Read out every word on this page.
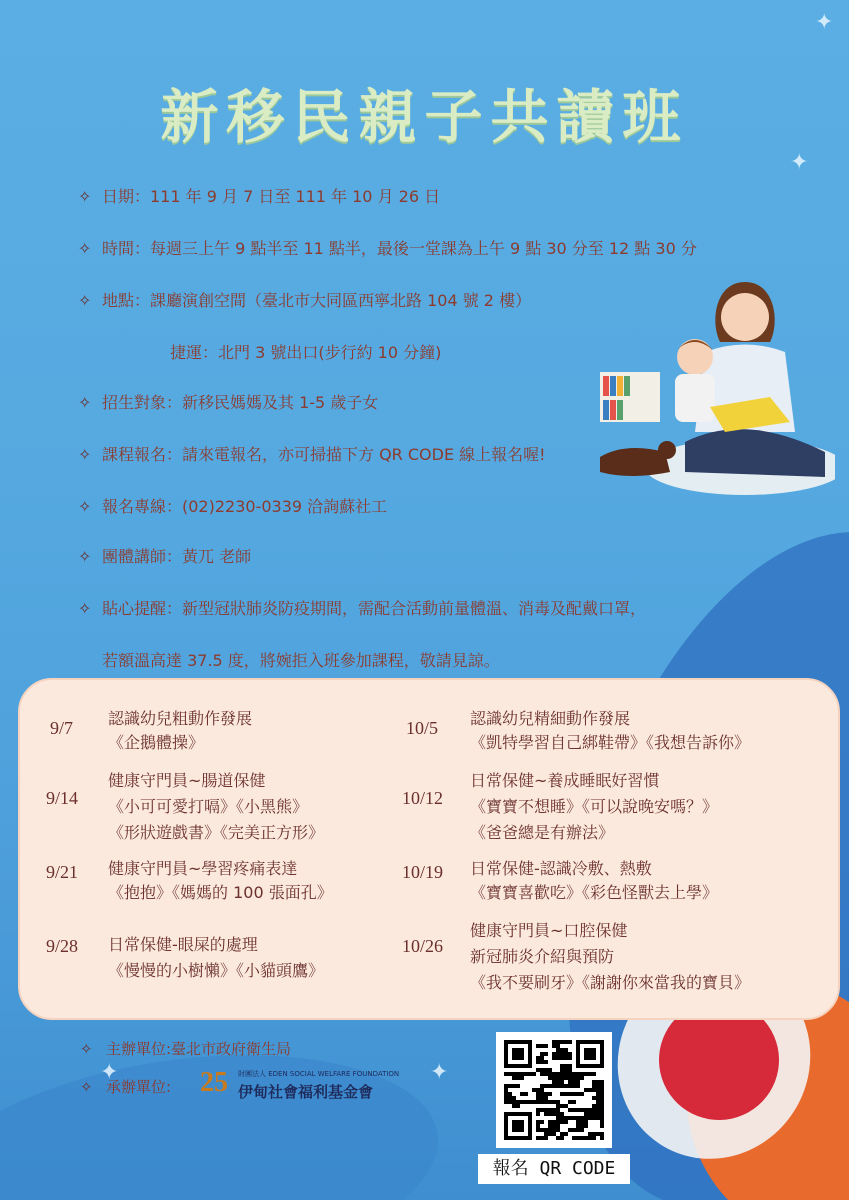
✦
✦
✦	✦
新移民親子共讀班
✧ 日期：111 年 9 月 7 日至 111 年 10 月 26 日
✧ 時間：每週三上午 9 點半至 11 點半，最後一堂課為上午 9 點 30 分至 12 點 30 分
✧ 地點：課廳演創空間（臺北市大同區西寧北路 104 號 2 樓）
捷運：北門 3 號出口(步行約 10 分鐘)
✧ 招生對象：新移民媽媽及其 1-5 歲子女
✧ 課程報名：請來電報名，亦可掃描下方 QR CODE 線上報名喔!
✧ 報名專線：(02)2230-0339 洽詢蘇社工
✧ 團體講師：黃兀 老師
✧ 貼心提醒：新型冠狀肺炎防疫期間，需配合活動前量體溫、消毒及配戴口罩，
若額溫高達 37.5 度，將婉拒入班參加課程，敬請見諒。
9/7 認識幼兒粗動作發展
《企鵝體操》
9/14
健康守門員~腸道保健
《小可可愛打嗝》《小黑熊》
《形狀遊戲書》《完美正方形》
9/21 健康守門員~學習疼痛表達
《抱抱》《媽媽的 100 張面孔》
9/28 日常保健-眼屎的處理
《慢慢的小樹懶》《小貓頭鷹》
10/5 認識幼兒精細動作發展
《凱特學習自己綁鞋帶》《我想告訴你》
10/12
日常保健~養成睡眠好習慣
《寶寶不想睡》《可以說晚安嗎？》
《爸爸總是有辦法》
10/19 日常保健-認識冷敷、熱敷
《寶寶喜歡吃》《彩色怪獸去上學》
10/26
健康守門員~口腔保健
新冠肺炎介紹與預防
《我不要刷牙》《謝謝你來當我的寶貝》
✧ 主辦單位:臺北市政府衛生局
✧ 承辦單位: 25 財團法人 EDEN SOCIAL WELFARE FOUNDATION
伊甸社會福利基金會
報名 QR CODE
